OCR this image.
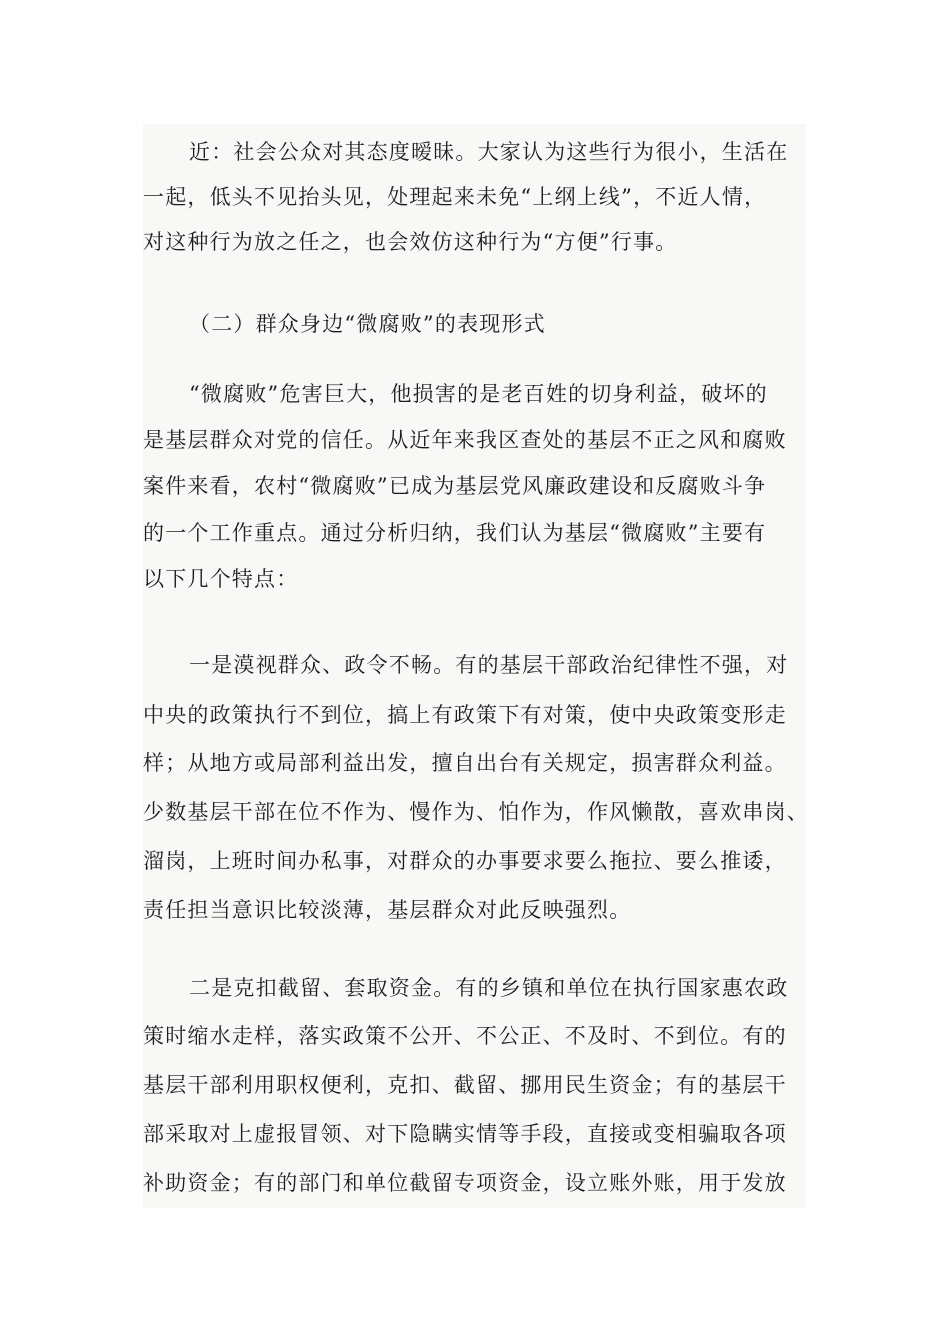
近：社会公众对其态度暧昧。大家认为这些行为很小，生活在
一起，低头不见抬头见，处理起来未免“上纲上线”，不近人情，
对这种行为放之任之，也会效仿这种行为“方便”行事。
（二）群众身边“微腐败”的表现形式
“微腐败”危害巨大，他损害的是老百姓的切身利益，破坏的
是基层群众对党的信任。从近年来我区查处的基层不正之风和腐败
案件来看，农村“微腐败”已成为基层党风廉政建设和反腐败斗争
的一个工作重点。通过分析归纳，我们认为基层“微腐败”主要有
以下几个特点：
一是漠视群众、政令不畅。有的基层干部政治纪律性不强，对
中央的政策执行不到位，搞上有政策下有对策，使中央政策变形走
样；从地方或局部利益出发，擅自出台有关规定，损害群众利益。
少数基层干部在位不作为、慢作为、怕作为，作风懒散，喜欢串岗、
溜岗，上班时间办私事，对群众的办事要求要么拖拉、要么推诿，
责任担当意识比较淡薄，基层群众对此反映强烈。
二是克扣截留、套取资金。有的乡镇和单位在执行国家惠农政
策时缩水走样，落实政策不公开、不公正、不及时、不到位。有的
基层干部利用职权便利，克扣、截留、挪用民生资金；有的基层干
部采取对上虚报冒领、对下隐瞒实情等手段，直接或变相骗取各项
补助资金；有的部门和单位截留专项资金，设立账外账，用于发放
